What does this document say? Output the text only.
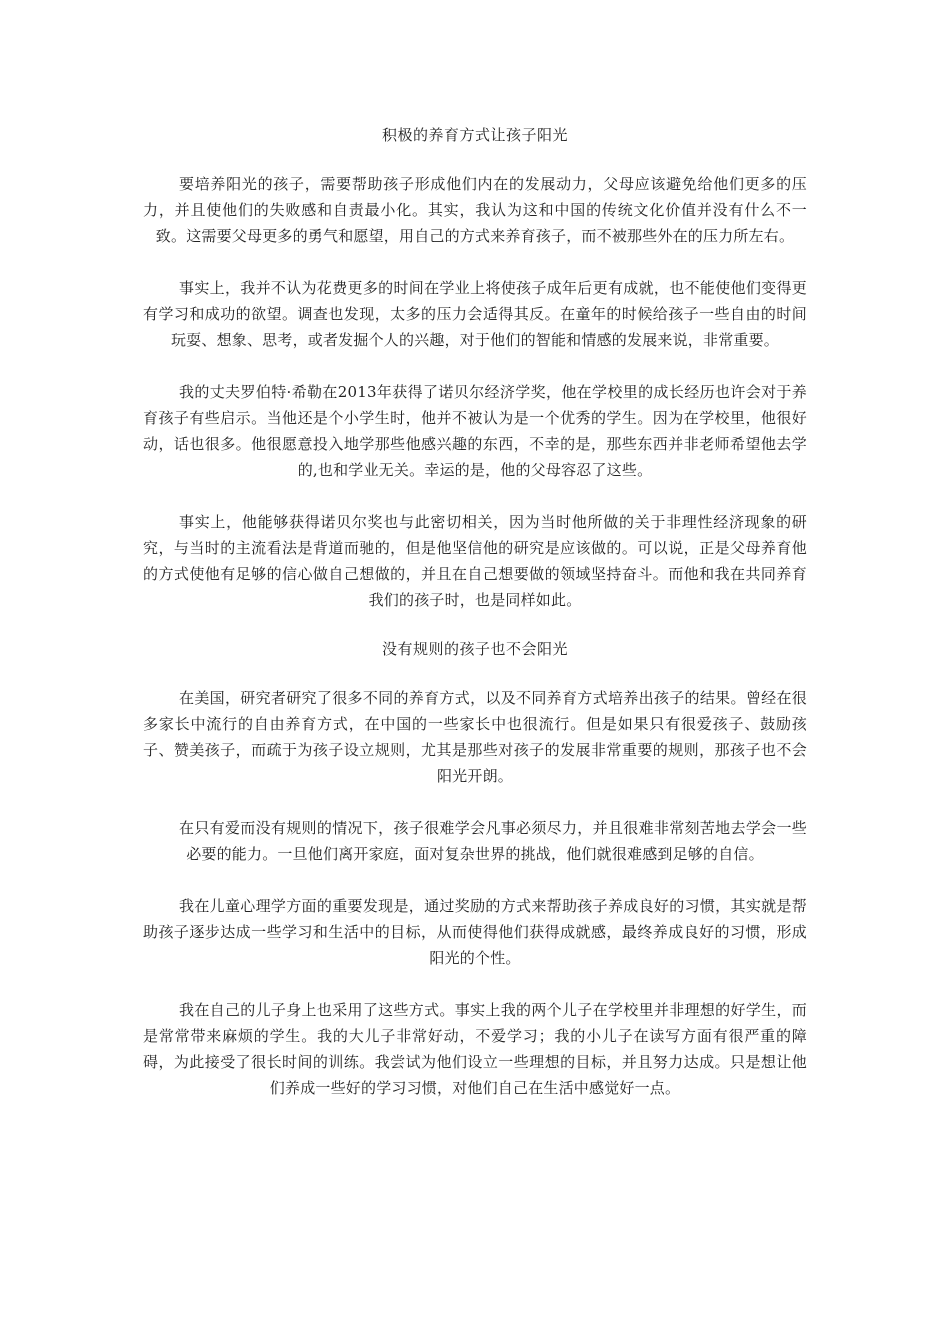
积极的养育方式让孩子阳光

要培养阳光的孩子，需要帮助孩子形成他们内在的发展动力，父母应该避免给他们更多的压力，并且使他们的失败感和自责最小化。其实，我认为这和中国的传统文化价值并没有什么不一致。这需要父母更多的勇气和愿望，用自己的方式来养育孩子，而不被那些外在的压力所左右。

事实上，我并不认为花费更多的时间在学业上将使孩子成年后更有成就，也不能使他们变得更有学习和成功的欲望。调查也发现，太多的压力会适得其反。在童年的时候给孩子一些自由的时间玩耍、想象、思考，或者发掘个人的兴趣，对于他们的智能和情感的发展来说，非常重要。

我的丈夫罗伯特·希勒在2013年获得了诺贝尔经济学奖，他在学校里的成长经历也许会对于养育孩子有些启示。当他还是个小学生时，他并不被认为是一个优秀的学生。因为在学校里，他很好动，话也很多。他很愿意投入地学那些他感兴趣的东西，不幸的是，那些东西并非老师希望他去学的,也和学业无关。幸运的是，他的父母容忍了这些。

事实上，他能够获得诺贝尔奖也与此密切相关，因为当时他所做的关于非理性经济现象的研究，与当时的主流看法是背道而驰的，但是他坚信他的研究是应该做的。可以说，正是父母养育他的方式使他有足够的信心做自己想做的，并且在自己想要做的领域坚持奋斗。而他和我在共同养育我们的孩子时，也是同样如此。

没有规则的孩子也不会阳光

在美国，研究者研究了很多不同的养育方式，以及不同养育方式培养出孩子的结果。曾经在很多家长中流行的自由养育方式，在中国的一些家长中也很流行。但是如果只有很爱孩子、鼓励孩子、赞美孩子，而疏于为孩子设立规则，尤其是那些对孩子的发展非常重要的规则，那孩子也不会阳光开朗。

在只有爱而没有规则的情况下，孩子很难学会凡事必须尽力，并且很难非常刻苦地去学会一些必要的能力。一旦他们离开家庭，面对复杂世界的挑战，他们就很难感到足够的自信。

我在儿童心理学方面的重要发现是，通过奖励的方式来帮助孩子养成良好的习惯，其实就是帮助孩子逐步达成一些学习和生活中的目标，从而使得他们获得成就感，最终养成良好的习惯，形成阳光的个性。

我在自己的儿子身上也采用了这些方式。事实上我的两个儿子在学校里并非理想的好学生，而是常常带来麻烦的学生。我的大儿子非常好动，不爱学习；我的小儿子在读写方面有很严重的障碍，为此接受了很长时间的训练。我尝试为他们设立一些理想的目标，并且努力达成。只是想让他们养成一些好的学习习惯，对他们自己在生活中感觉好一点。
